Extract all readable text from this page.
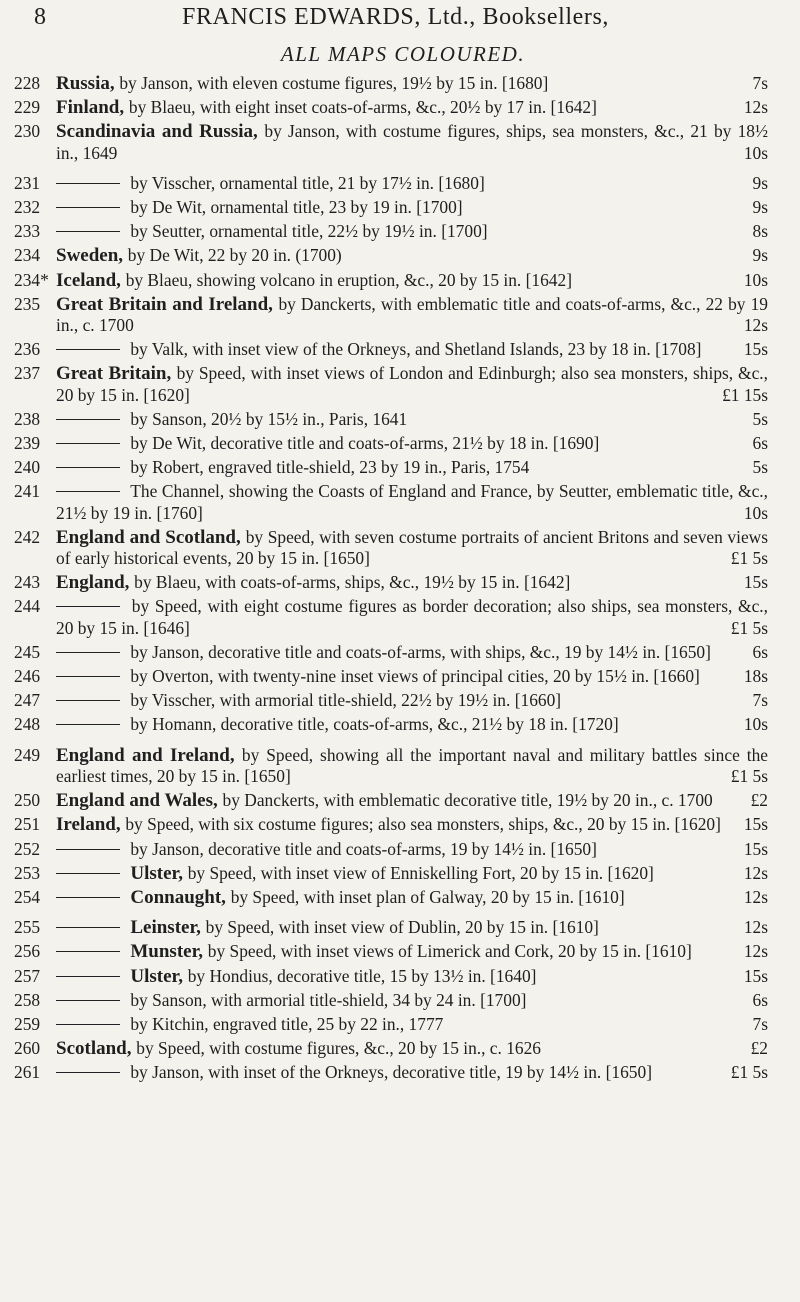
8	FRANCIS EDWARDS, Ltd., Booksellers,
ALL MAPS COLOURED.
228 Russia, by Janson, with eleven costume figures, 19½ by 15 in. [1680]	7s
229 Finland, by Blaeu, with eight inset coats-of-arms, &c., 20½ by 17 in. [1642]	12s
230 Scandinavia and Russia, by Janson, with costume figures, ships, sea monsters, &c., 21 by 18½ in., 1649	10s
231	by Visscher, ornamental title, 21 by 17½ in. [1680]	9s
232	by De Wit, ornamental title, 23 by 19 in. [1700]	9s
233	by Seutter, ornamental title, 22½ by 19½ in. [1700]	8s
234 Sweden, by De Wit, 22 by 20 in. (1700)	9s
234* Iceland, by Blaeu, showing volcano in eruption, &c., 20 by 15 in. [1642]	10s
235 Great Britain and Ireland, by Danckerts, with emblematic title and coats-of-arms, &c., 22 by 19 in., c. 1700	12s
236	by Valk, with inset view of the Orkneys, and Shetland Islands, 23 by 18 in. [1708]	15s
237 Great Britain, by Speed, with inset views of London and Edinburgh; also sea monsters, ships, &c., 20 by 15 in. [1620]	£1 15s
238	by Sanson, 20½ by 15½ in., Paris, 1641	5s
239	by De Wit, decorative title and coats-of-arms, 21½ by 18 in. [1690]	6s
240	by Robert, engraved title-shield, 23 by 19 in., Paris, 1754	5s
241	The Channel, showing the Coasts of England and France, by Seutter, emblematic title, &c., 21½ by 19 in. [1760]	10s
242 England and Scotland, by Speed, with seven costume portraits of ancient Britons and seven views of early historical events, 20 by 15 in. [1650]	£1 5s
243 England, by Blaeu, with coats-of-arms, ships, &c., 19½ by 15 in. [1642]	15s
244	by Speed, with eight costume figures as border decoration; also ships, sea monsters, &c., 20 by 15 in. [1646]	£1 5s
245	by Janson, decorative title and coats-of-arms, with ships, &c., 19 by 14½ in. [1650]	6s
246	by Overton, with twenty-nine inset views of principal cities, 20 by 15½ in. [1660]	18s
247	by Visscher, with armorial title-shield, 22½ by 19½ in. [1660]	7s
248	by Homann, decorative title, coats-of-arms, &c., 21½ by 18 in. [1720]	10s
249 England and Ireland, by Speed, showing all the important naval and military battles since the earliest times, 20 by 15 in. [1650]	£1 5s
250 England and Wales, by Danckerts, with emblematic decorative title, 19½ by 20 in., c. 1700	£2
251 Ireland, by Speed, with six costume figures; also sea monsters, ships, &c., 20 by 15 in. [1620]	15s
252	by Janson, decorative title and coats-of-arms, 19 by 14½ in. [1650]	15s
253	Ulster, by Speed, with inset view of Enniskelling Fort, 20 by 15 in. [1620]	12s
254	Connaught, by Speed, with inset plan of Galway, 20 by 15 in. [1610]	12s
255	Leinster, by Speed, with inset view of Dublin, 20 by 15 in. [1610]	12s
256	Munster, by Speed, with inset views of Limerick and Cork, 20 by 15 in. [1610]	12s
257	Ulster, by Hondius, decorative title, 15 by 13½ in. [1640]	15s
258	by Sanson, with armorial title-shield, 34 by 24 in. [1700]	6s
259	by Kitchin, engraved title, 25 by 22 in., 1777	7s
260 Scotland, by Speed, with costume figures, &c., 20 by 15 in., c. 1626	£2
261	by Janson, with inset of the Orkneys, decorative title, 19 by 14½ in. [1650]	£1 5s
